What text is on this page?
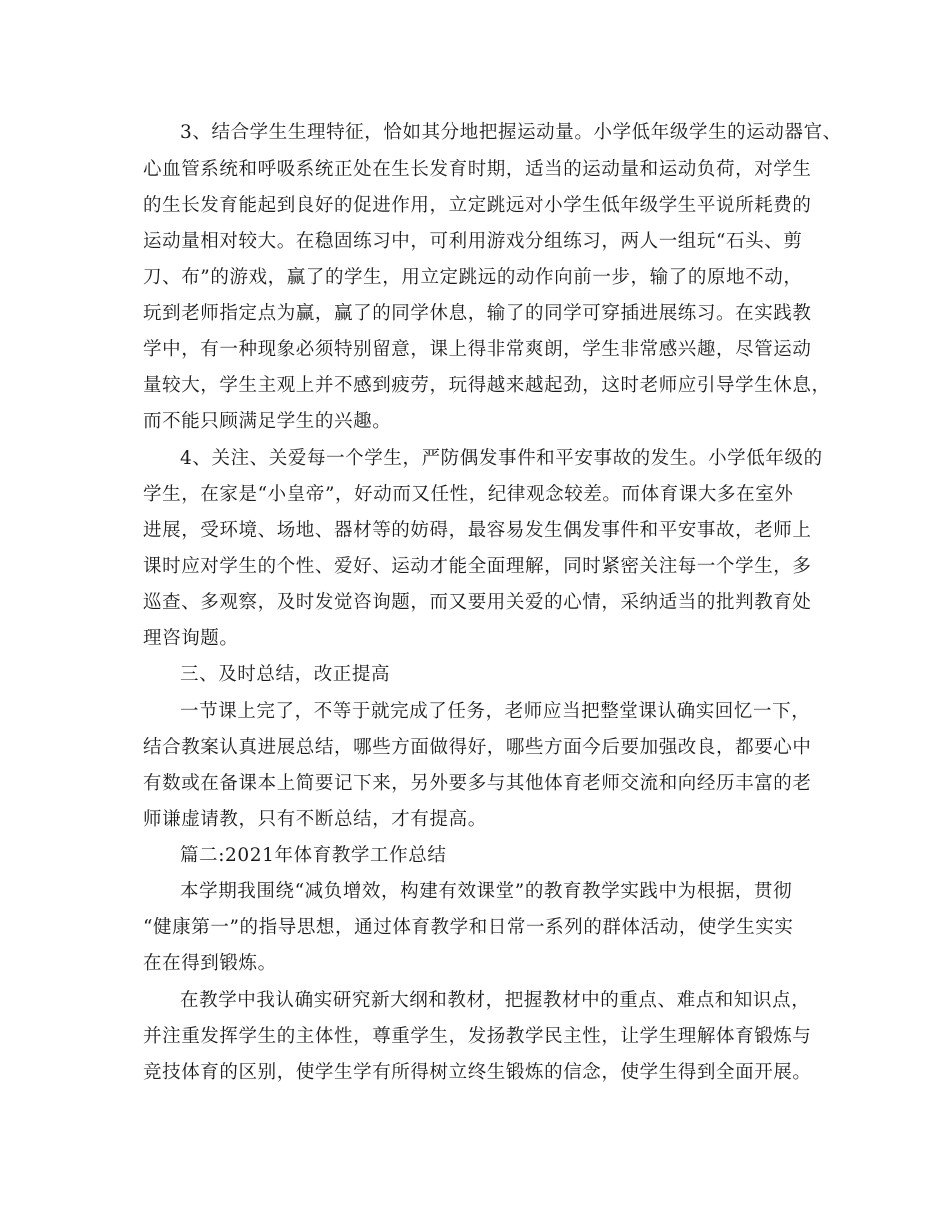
3、结合学生生理特征，恰如其分地把握运动量。小学低年级学生的运动器官、
心血管系统和呼吸系统正处在生长发育时期，适当的运动量和运动负荷，对学生
的生长发育能起到良好的促进作用，立定跳远对小学生低年级学生平说所耗费的
运动量相对较大。在稳固练习中，可利用游戏分组练习，两人一组玩“石头、剪
刀、布”的游戏，赢了的学生，用立定跳远的动作向前一步，输了的原地不动，
玩到老师指定点为赢，赢了的同学休息，输了的同学可穿插进展练习。在实践教
学中，有一种现象必须特别留意，课上得非常爽朗，学生非常感兴趣，尽管运动
量较大，学生主观上并不感到疲劳，玩得越来越起劲，这时老师应引导学生休息，
而不能只顾满足学生的兴趣。
4、关注、关爱每一个学生，严防偶发事件和平安事故的发生。小学低年级的
学生，在家是“小皇帝”，好动而又任性，纪律观念较差。而体育课大多在室外
进展，受环境、场地、器材等的妨碍，最容易发生偶发事件和平安事故，老师上
课时应对学生的个性、爱好、运动才能全面理解，同时紧密关注每一个学生，多
巡查、多观察，及时发觉咨询题，而又要用关爱的心情，采纳适当的批判教育处
理咨询题。
三、及时总结，改正提高
一节课上完了，不等于就完成了任务，老师应当把整堂课认确实回忆一下，
结合教案认真进展总结，哪些方面做得好，哪些方面今后要加强改良，都要心中
有数或在备课本上简要记下来，另外要多与其他体育老师交流和向经历丰富的老
师谦虚请教，只有不断总结，才有提高。
篇二:2021年体育教学工作总结
本学期我围绕“减负增效，构建有效课堂”的教育教学实践中为根据，贯彻
“健康第一”的指导思想，通过体育教学和日常一系列的群体活动，使学生实实
在在得到锻炼。
在教学中我认确实研究新大纲和教材，把握教材中的重点、难点和知识点，
并注重发挥学生的主体性，尊重学生，发扬教学民主性，让学生理解体育锻炼与
竞技体育的区别，使学生学有所得树立终生锻炼的信念，使学生得到全面开展。
